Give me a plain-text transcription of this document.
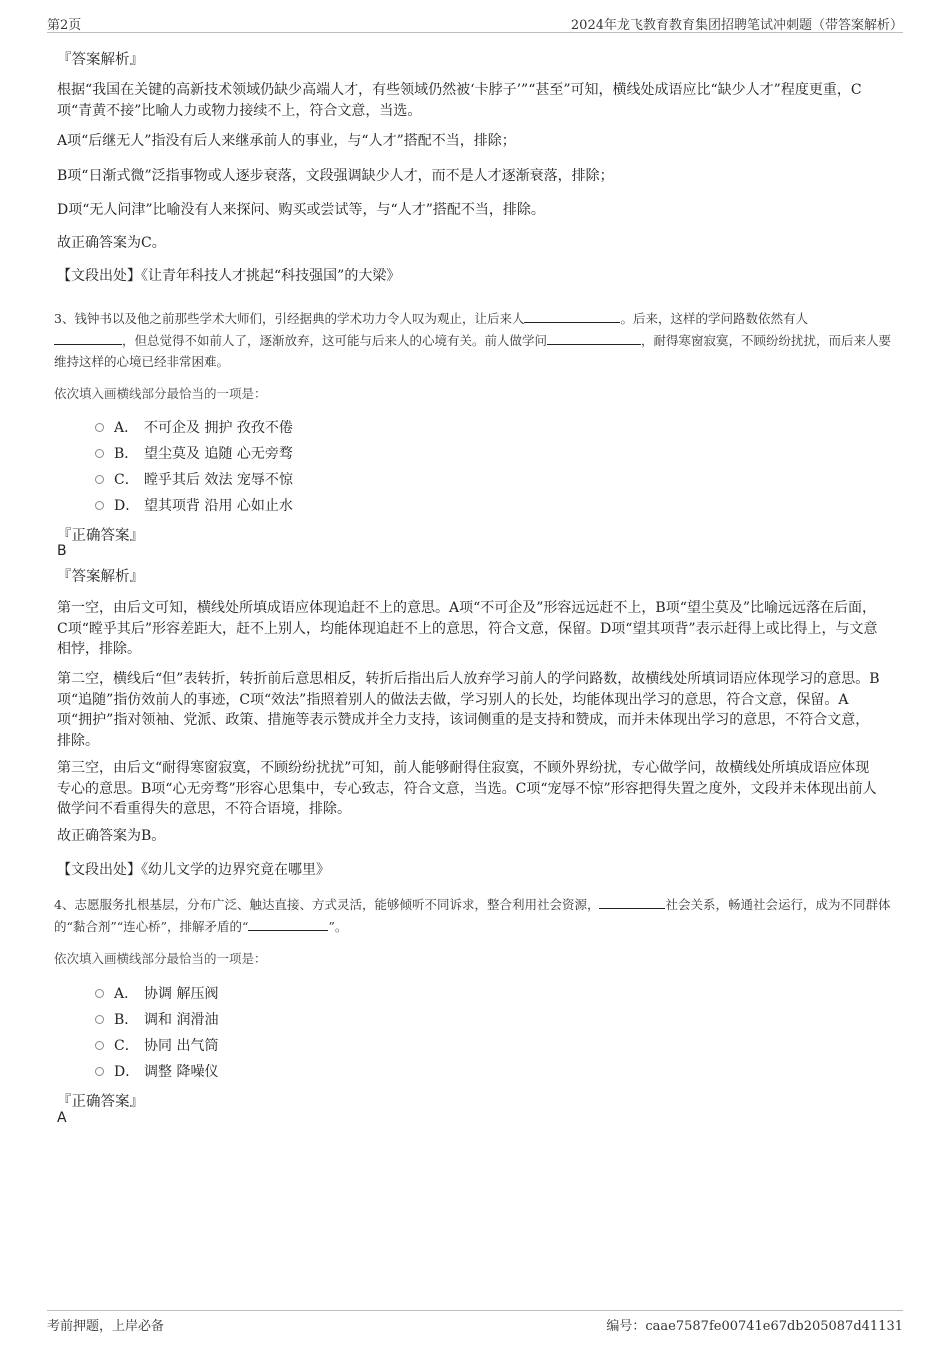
第2页	2024年龙飞教育教育集团招聘笔试冲刺题（带答案解析）
『答案解析』
根据“我国在关键的高新技术领域仍缺少高端人才，有些领域仍然被‘卡脖子’”“甚至”可知，横线处成语应比“缺少人才”程度更重，C项“青黄不接”比喻人力或物力接续不上，符合文意，当选。
A项“后继无人”指没有后人来继承前人的事业，与“人才”搭配不当，排除；
B项“日渐式微”泛指事物或人逐步衰落，文段强调缺少人才，而不是人才逐渐衰落，排除；
D项“无人问津”比喻没有人来探问、购买或尝试等，与“人才”搭配不当，排除。
故正确答案为C。
【文段出处】《让青年科技人才挑起“科技强国”的大梁》
3、钱钟书以及他之前那些学术大师们，引经据典的学术功力令人叹为观止，让后来人	。后来，这样的学问路数依然有人
，但总觉得不如前人了，逐渐放弃，这可能与后来人的心境有关。前人做学问	，耐得寒窗寂寞，不顾纷纷扰扰，而后来人要维持这样的心境已经非常困难。
依次填入画横线部分最恰当的一项是：
A． 不可企及 拥护 孜孜不倦
B． 望尘莫及 追随 心无旁骛
C． 瞠乎其后 效法 宠辱不惊
D． 望其项背 沿用 心如止水
『正确答案』
B
『答案解析』
第一空，由后文可知，横线处所填成语应体现追赶不上的意思。A项“不可企及”形容远远赶不上，B项“望尘莫及”比喻远远落在后面，C项“瞠乎其后”形容差距大，赶不上别人，均能体现追赶不上的意思，符合文意，保留。D项“望其项背”表示赶得上或比得上，与文意相悖，排除。
第二空，横线后“但”表转折，转折前后意思相反，转折后指出后人放弃学习前人的学问路数，故横线处所填词语应体现学习的意思。B项“追随”指仿效前人的事迹，C项“效法”指照着别人的做法去做，学习别人的长处，均能体现出学习的意思，符合文意，保留。A项“拥护”指对领袖、党派、政策、措施等表示赞成并全力支持，该词侧重的是支持和赞成，而并未体现出学习的意思，不符合文意，排除。
第三空，由后文“耐得寒窗寂寞，不顾纷纷扰扰”可知，前人能够耐得住寂寞，不顾外界纷扰，专心做学问，故横线处所填成语应体现专心的意思。B项“心无旁骛”形容心思集中，专心致志，符合文意，当选。C项“宠辱不惊”形容把得失置之度外，文段并未体现出前人做学问不看重得失的意思，不符合语境，排除。
故正确答案为B。
【文段出处】《幼儿文学的边界究竟在哪里》
4、志愿服务扎根基层，分布广泛、触达直接、方式灵活，能够倾听不同诉求，整合利用社会资源，	社会关系，畅通社会运行，成为不同群体的“黏合剂”“连心桥”，排解矛盾的“	”。
依次填入画横线部分最恰当的一项是：
A． 协调 解压阀
B． 调和 润滑油
C． 协同 出气筒
D． 调整 降噪仪
『正确答案』
A
考前押题，上岸必备	编号：caae7587fe00741e67db205087d41131
